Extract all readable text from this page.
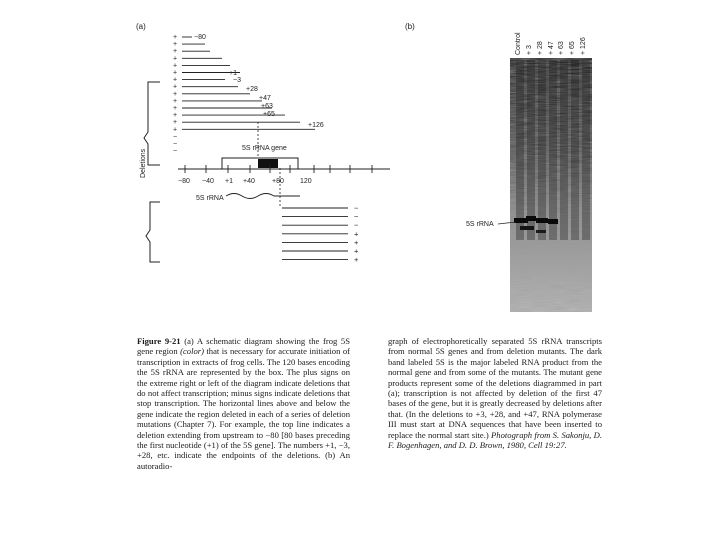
(a)	(b)
+
+
+
+
+
+
+
+
+
+
+
+
+
+
−
−
−
−80
+1
−3
+28
+47
+63
+65
+126
Deletions
5S rRNA gene
−80 −40 +1 +40 +80 120
5S rRNA
−
−
−
+
+
+
+
5S rRNA
Control + 3 + 28 + 47 + 63 + 65 + 126

Figure 9-21 (a) A schematic diagram showing the frog 5S gene region (color) that is necessary for accurate initiation of transcription in extracts of frog cells. The 120 bases encoding the 5S rRNA are represented by the box. The plus signs on the extreme right or left of the diagram indicate deletions that do not affect transcription; minus signs indicate deletions that stop transcription. The horizontal lines above and below the gene indicate the region deleted in each of a series of deletion mutations (Chapter 7). For example, the top line indicates a deletion extending from upstream to −80 [80 bases preceding the first nucleotide (+1) of the 5S gene]. The numbers +1, −3, +28, etc. indicate the endpoints of the deletions. (b) An autoradio-

graph of electrophoretically separated 5S rRNA transcripts from normal 5S genes and from deletion mutants. The dark band labeled 5S is the major labeled RNA product from the normal gene and from some of the mutants. The mutant gene products represent some of the deletions diagrammed in part (a); transcription is not affected by deletion of the first 47 bases of the gene, but it is greatly decreased by deletions after that. (In the deletions to +3, +28, and +47, RNA polymerase III must start at DNA sequences that have been inserted to replace the normal start site.) Photograph from S. Sakonju, D. F. Bogenhagen, and D. D. Brown, 1980, Cell 19:27.
